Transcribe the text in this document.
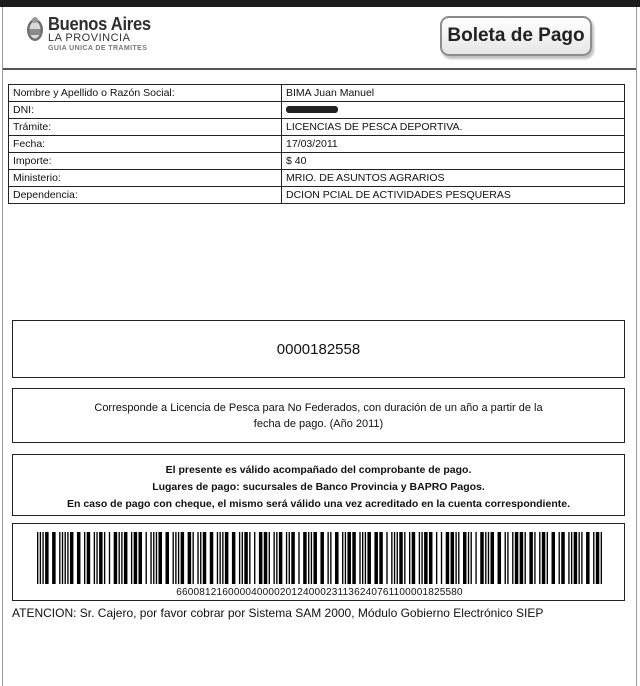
Buenos Aires
LA PROVINCIA
GUIA UNICA DE TRAMITES
Boleta de Pago
Nombre y Apellido o Razón Social:	BIMA Juan Manuel
DNI:	
Trámite:	LICENCIAS DE PESCA DEPORTIVA.
Fecha:	17/03/2011
Importe:	$ 40
Ministerio:	MRIO. DE ASUNTOS AGRARIOS
Dependencia:	DCION PCIAL DE ACTIVIDADES PESQUERAS
0000182558
Corresponde a Licencia de Pesca para No Federados, con duración de un año a partir de la fecha de pago. (Año 2011)
El presente es válido acompañado del comprobante de pago.
Lugares de pago: sucursales de Banco Provincia y BAPRO Pagos.
En caso de pago con cheque, el mismo será válido una vez acreditado en la cuenta correspondiente.
66008121600004000020124000231136240761100001825580
ATENCION: Sr. Cajero, por favor cobrar por Sistema SAM 2000, Módulo Gobierno Electrónico SIEP
